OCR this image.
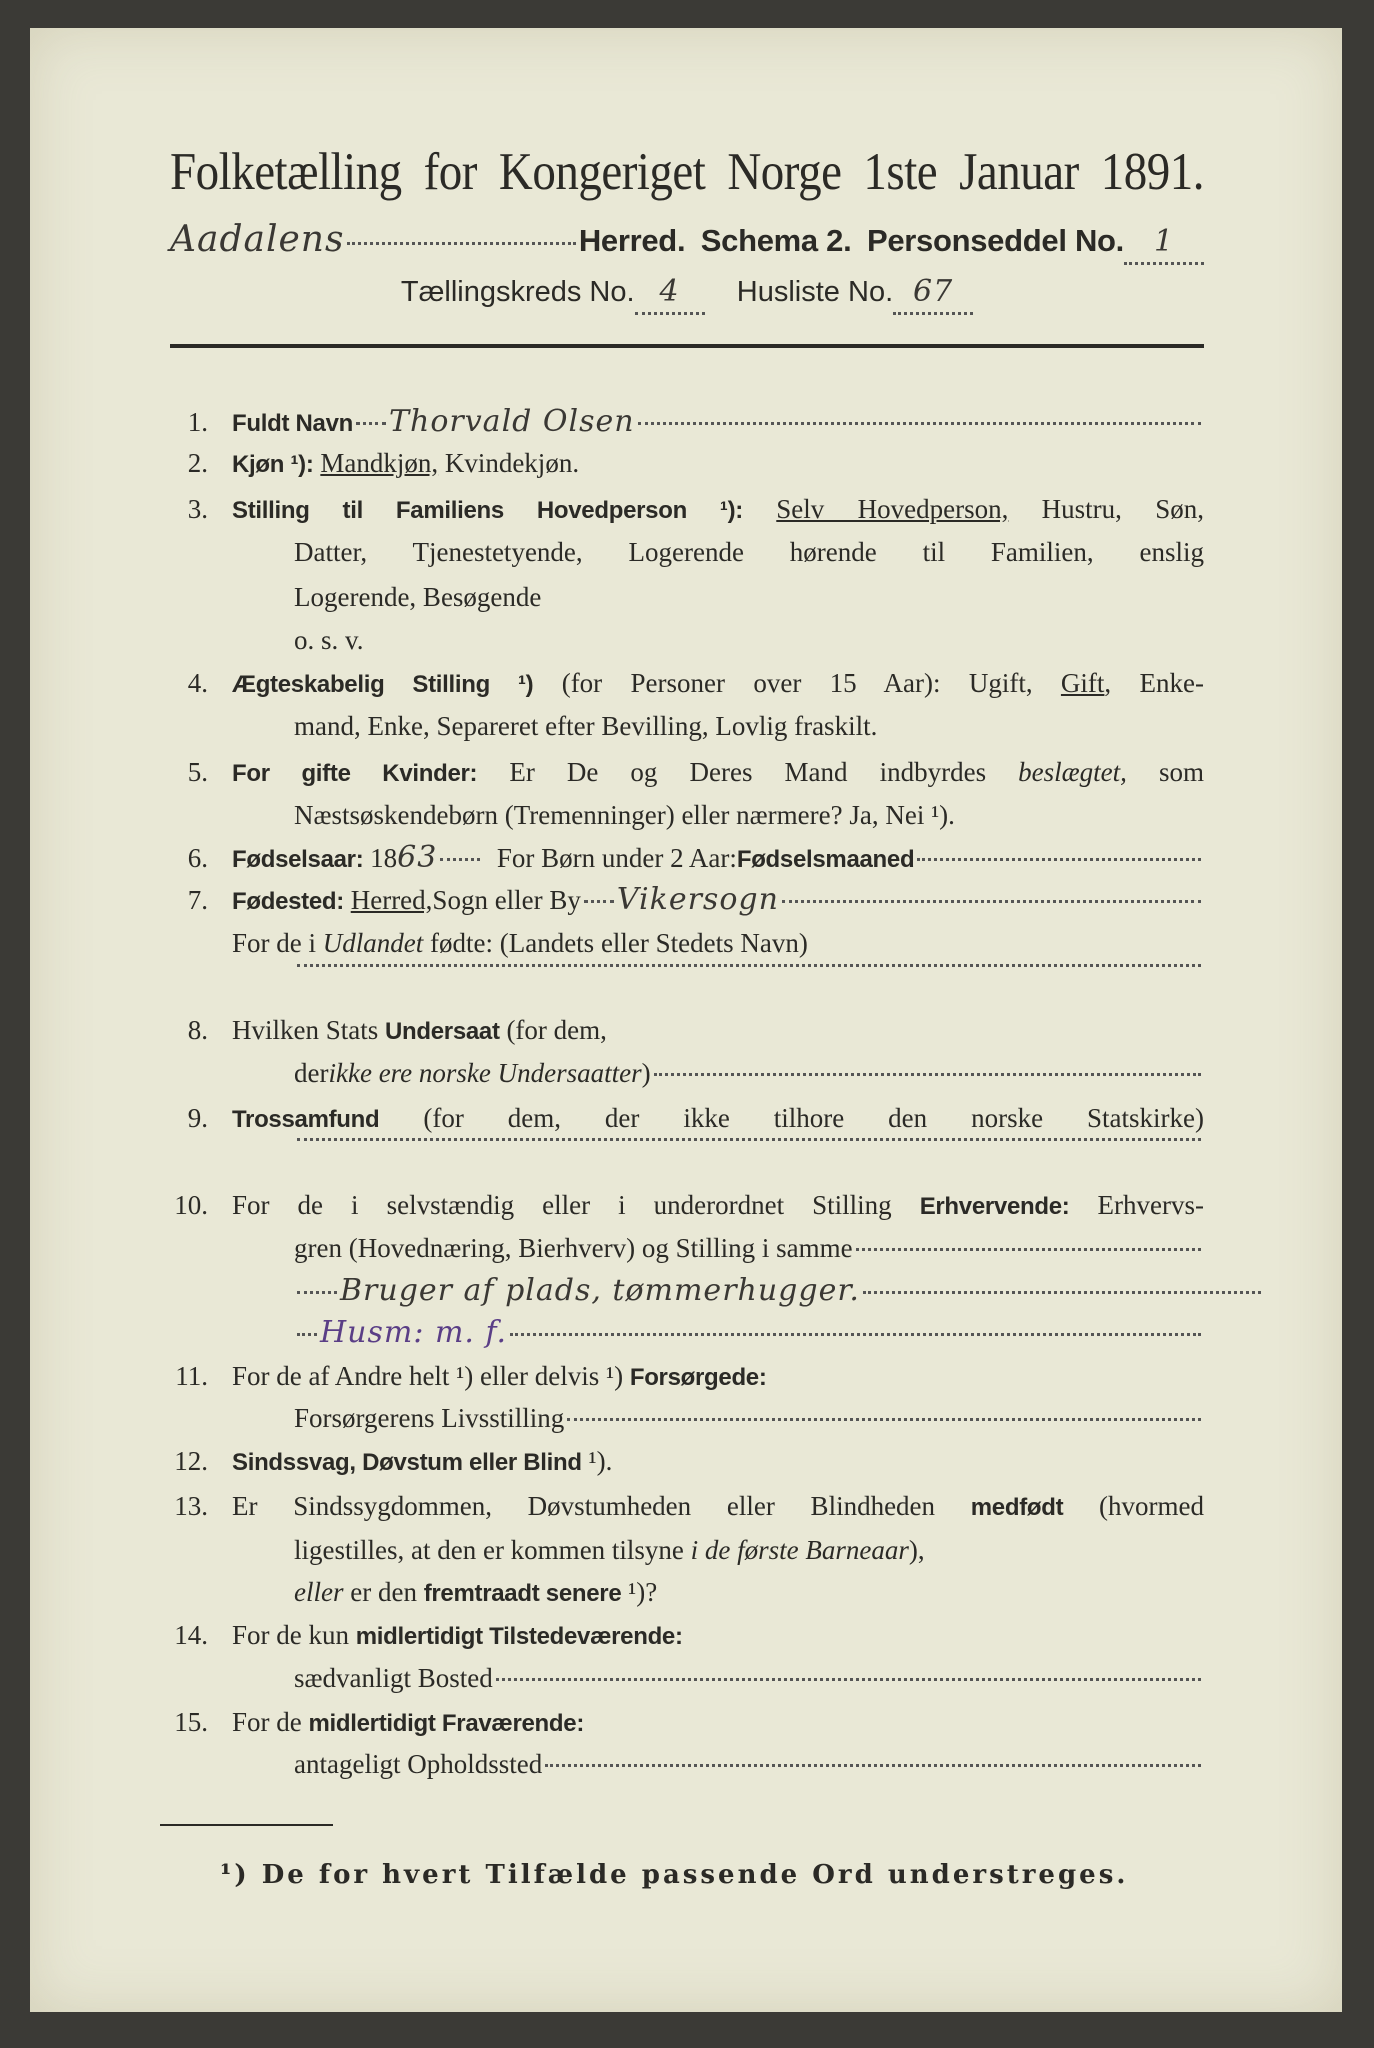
Folketælling for Kongeriget Norge 1ste Januar 1891.
Aadalens	Herred.
Schema 2.
Personseddel No. 1
Tællingskreds No. 4 Husliste No. 67
1. Fuldt Navn Thorvald Olsen
2. Kjøn ¹): Mandkjøn, Kvindekjøn.
3. Stilling til Familiens Hovedperson ¹): Selv Hovedperson, Hustru, Søn,
Datter, Tjenestetyende, Logerende hørende til Familien, enslig
Logerende, Besøgende
o. s. v.
4. Ægteskabelig Stilling ¹) (for Personer over 15 Aar): Ugift, Gift, Enke-
mand, Enke, Separeret efter Bevilling, Lovlig fraskilt.
5. For gifte Kvinder: Er De og Deres Mand indbyrdes beslægtet, som
Næstsøskendebørn (Tremenninger) eller nærmere? Ja, Nei ¹).
6. Fødselsaar:
18 63
For Børn under 2 Aar: Fødselsmaaned
7. Fødested:
Herred, Sogn eller By Vikersogn
For de i Udlandet fødte: (Landets eller Stedets Navn)
8. Hvilken Stats Undersaat (for dem,
der ikke ere norske Undersaatter )
9. Trossamfund (for dem, der ikke tilhore den norske Statskirke)
10. For de i selvstændig eller i underordnet Stilling Erhvervende: Erhvervs-
gren (Hovednæring, Bierhverv) og Stilling i samme
Bruger af plads, tømmerhugger.
Husm: m. f.
11. For de af Andre helt ¹) eller delvis ¹) Forsørgede:
Forsørgerens Livsstilling
12. Sindssvag, Døvstum eller Blind ¹).
13. Er Sindssygdommen, Døvstumheden eller Blindheden medfødt (hvormed
ligestilles, at den er kommen tilsyne i de første Barneaar),
eller er den fremtraadt senere ¹)?
14. For de kun midlertidigt Tilstedeværende:
sædvanligt Bosted
15. For de midlertidigt Fraværende:
antageligt Opholdssted
¹) De for hvert Tilfælde passende Ord understreges.
